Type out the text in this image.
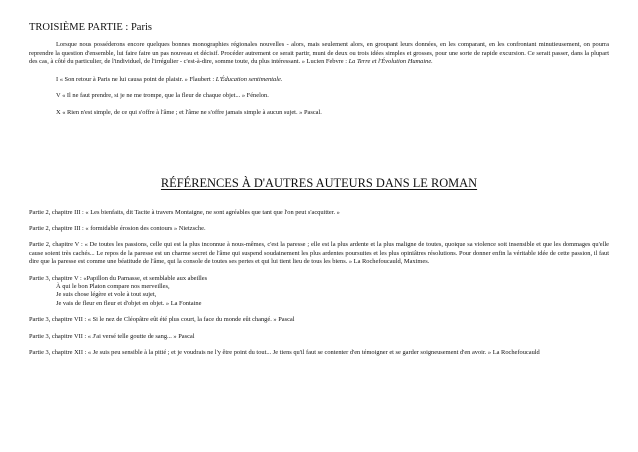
TROISIÈME PARTIE : Paris

Lorsque nous posséderons encore quelques bonnes monographies régionales nouvelles - alors, mais seulement alors, en groupant leurs données, en les comparant, en les confrontant minutieusement, on pourra reprendre la question d'ensemble, lui faire faire un pas nouveau et décisif. Procéder autrement ce serait partir, muni de deux ou trois idées simples et grosses, pour une sorte de rapide excursion. Ce serait passer, dans la plupart des cas, à côté du particulier, de l'individuel, de l'irrégulier - c'est-à-dire, somme toute, du plus intéressant. » Lucien Febvre : La Terre et l'Évolution Humaine.

I « Son retour à Paris ne lui causa point de plaisir. » Flaubert : L'Éducation sentimentale.

V « Il ne faut prendre, si je ne me trompe, que la fleur de chaque objet... » Fénelon.

X « Rien n'est simple, de ce qui s'offre à l'âme ; et l'âme ne s'offre jamais simple à aucun sujet. » Pascal.

RÉFÉRENCES À D'AUTRES AUTEURS DANS LE ROMAN

Partie 2, chapitre III : « Les bienfaits, dit Tacite à travers Montaigne, ne sont agréables que tant que l'on peut s'acquitter. »

Partie 2, chapitre III : « formidable érosion des contours » Nietzsche.

Partie 2, chapitre V : « De toutes les passions, celle qui est la plus inconnue à nous-mêmes, c'est la paresse ; elle est la plus ardente et la plus maligne de toutes, quoique sa violence soit insensible et que les dommages qu'elle cause soient très cachés... Le repos de la paresse est un charme secret de l'âme qui suspend soudainement les plus ardentes poursuites et les plus opiniâtres résolutions. Pour donner enfin la véritable idée de cette passion, il faut dire que la paresse est comme une béatitude de l'âme, qui la console de toutes ses pertes et qui lui tient lieu de tous les biens. » La Rochefoucauld, Maximes.

Partie 3, chapitre V : «Papillon du Parnasse, et semblable aux abeilles
À qui le bon Platon compare nos merveilles,
Je suis chose légère et vole à tout sujet,
Je vais de fleur en fleur et d'objet en objet. » La Fontaine

Partie 3, chapitre VII : « Si le nez de Cléopâtre eût été plus court, la face du monde eût changé. » Pascal

Partie 3, chapitre VII : « J'ai versé telle goutte de sang... » Pascal

Partie 3, chapitre XII : « Je suis peu sensible à la pitié ; et je voudrais ne l'y être point du tout... Je tiens qu'il faut se contenter d'en témoigner et se garder soigneusement d'en avoir. » La Rochefoucauld
